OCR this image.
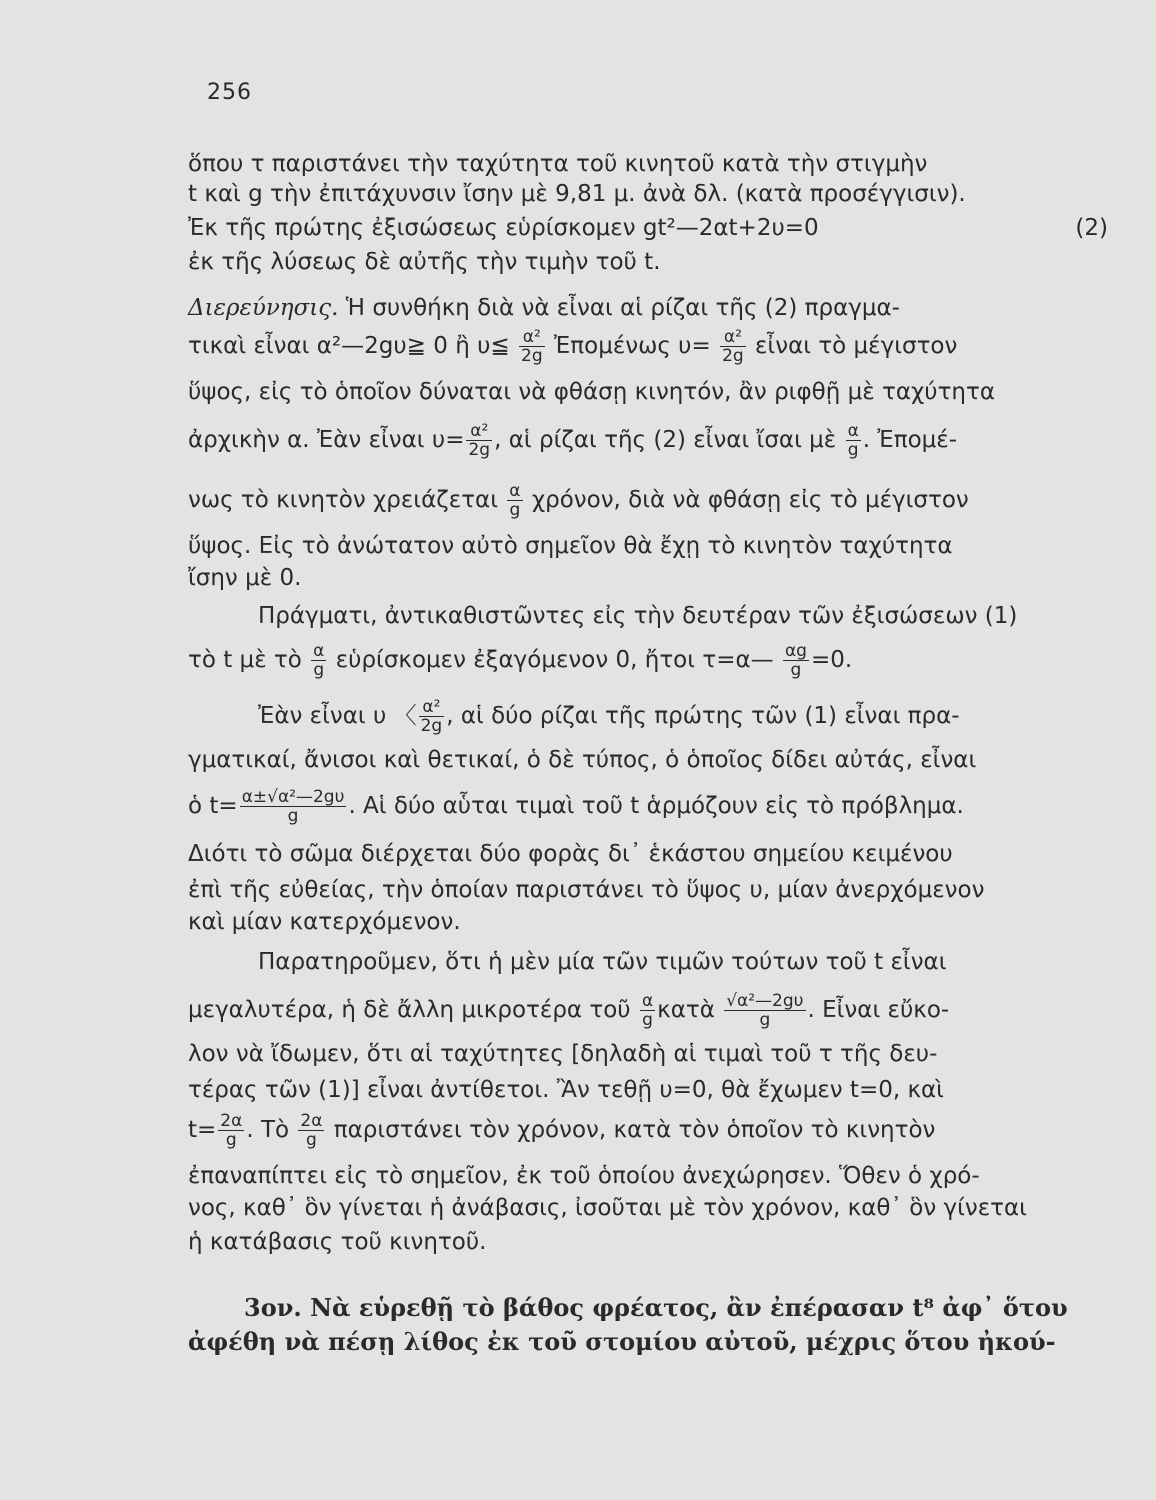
256
ὅπου τ παριστάνει τὴν ταχύτητα τοῦ κινητοῦ κατὰ τὴν στιγμὴν
t καὶ g τὴν ἐπιτάχυνσιν ἴσην μὲ 9,81 μ. ἀνὰ δλ. (κατὰ προσέγγισιν).
Ἐκ τῆς πρώτης ἐξισώσεως εὑρίσκομεν gt²—2αt+2υ=0	(2)
ἐκ τῆς λύσεως δὲ αὐτῆς τὴν τιμὴν τοῦ t.
Διερεύνησις. Ἡ συνθήκη διὰ νὰ εἶναι αἱ ρίζαι τῆς (2) πραγμα-
τικαὶ εἶναι α²—2gυ≧ 0 ἢ υ≦ $\frac{\text{α²}}{2g}$ Ἐπομένως $\upsilon= \frac{\text{α²}}{2g}$ εἶναι τὸ μέγιστον
ὕψος, εἰς τὸ ὁποῖον δύναται νὰ φθάσῃ κινητόν, ἂν ριφθῇ μὲ ταχύτητα
ἀρχικὴν α. Ἐὰν εἶναι $\upsilon= \frac{\text{α²}}{2g}$ , αἱ ρίζαι τῆς (2) εἶναι ἴσαι μὲ $\frac{\alpha}{g}$ . Ἐπομέ-
νως τὸ κινητὸν χρειάζεται $\frac{\alpha}{g} \chi\rho ό\nu o\nu$, διὰ νὰ φθάσῃ εἰς τὸ μέγιστον
ὕψος. Εἰς τὸ ἀνώτατον αὐτὸ σημεῖον θὰ ἔχῃ τὸ κινητὸν ταχύτητα
ἴσην μὲ 0.
Πράγματι, ἀντικαθιστῶντες εἰς τὴν δευτέραν τῶν ἐξισώσεων (1)
τὸ t μὲ τὸ $\frac{\alpha}{g}$ εὑρίσκομεν ἐξαγόμενον 0, ἤτοι τ=α— $\frac{\alpha g}{g} =0$.
Ἐὰν εἶναι υ 〈 $\frac{\text{α²}}{2g}$ , αἱ δύο ρίζαι τῆς πρώτης τῶν (1) εἶναι πρα-
γματικαί, ἄνισοι καὶ θετικαί, ὁ δὲ τύπος, ὁ ὁποῖος δίδει αὐτάς, εἶναι
ὁ $t= \frac{\text{α±√α²—2gυ}}{g}$ . Αἱ δύο αὗται τιμαὶ τοῦ t ἁρμόζουν εἰς τὸ πρόβλημα.
Διότι τὸ σῶμα διέρχεται δύο φορὰς δι᾽ ἑκάστου σημείου κειμένου
ἐπὶ τῆς εὐθείας, τὴν ὁποίαν παριστάνει τὸ ὕψος υ, μίαν ἀνερχόμενον
καὶ μίαν κατερχόμενον.
Παρατηροῦμεν, ὅτι ἡ μὲν μία τῶν τιμῶν τούτων τοῦ t εἶναι
μεγαλυτέρα, ἡ δὲ ἄλλη μικροτέρα τοῦ $\frac{\alpha}{g}$ κατὰ $\frac{\text{√α²—2gυ}}{g}$ . Εἶναι εὔκο-
λον νὰ ἴδωμεν, ὅτι αἱ ταχύτητες [δηλαδὴ αἱ τιμαὶ τοῦ τ τῆς δευ-
τέρας τῶν (1)] εἶναι ἀντίθετοι. Ἂν τεθῇ υ=0, θὰ ἔχωμεν t=0, καὶ
$t= \frac{2\alpha}{g}$ . Τὸ $\frac{2\alpha}{g}$ παριστάνει τὸν χρόνον, κατὰ τὸν ὁποῖον τὸ κινητὸν
ἐπαναπίπτει εἰς τὸ σημεῖον, ἐκ τοῦ ὁποίου ἀνεχώρησεν. Ὅθεν ὁ χρό-
νος, καθ᾽ ὃν γίνεται ἡ ἀνάβασις, ἰσοῦται μὲ τὸν χρόνον, καθ᾽ ὃν γίνεται
ἡ κατάβασις τοῦ κινητοῦ.
3ον. Νὰ εὑρεθῇ τὸ βάθος φρέατος, ἂν ἐπέρασαν t⁸ ἀφ᾽ ὅτου
ἀφέθη νὰ πέσῃ λίθος ἐκ τοῦ στομίου αὐτοῦ, μέχρις ὅτου ἠκού-
